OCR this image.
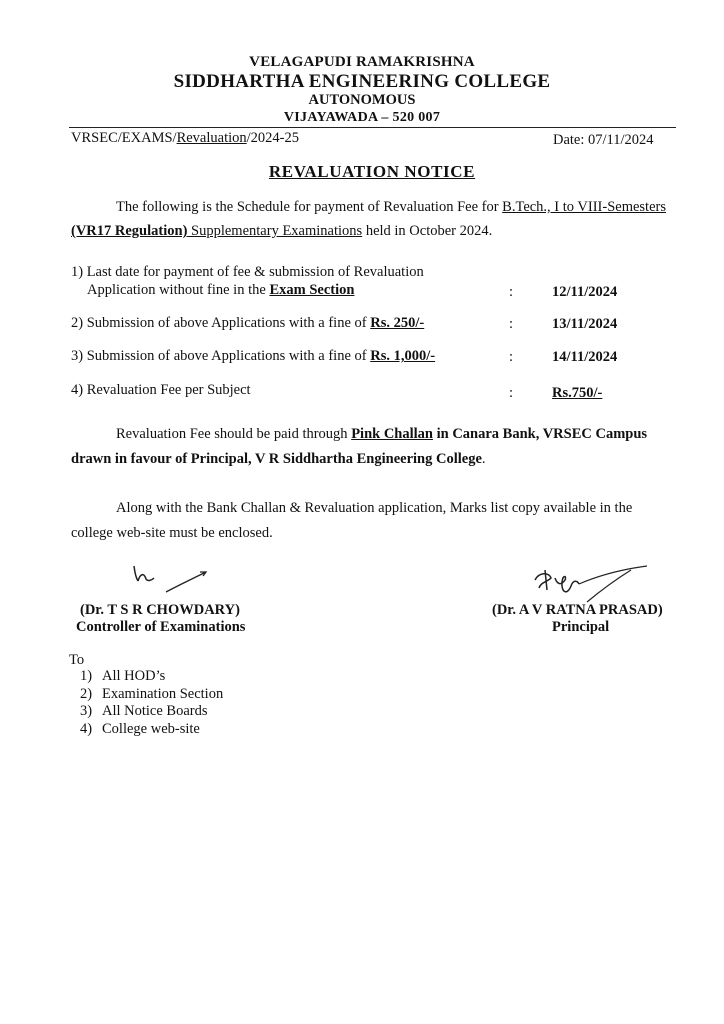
VELAGAPUDI RAMAKRISHNA
SIDDHARTHA ENGINEERING COLLEGE
AUTONOMOUS
VIJAYAWADA – 520 007
VRSEC/EXAMS/Revaluation/2024-25	Date: 07/11/2024
REVALUATION NOTICE
The following is the Schedule for payment of Revaluation Fee for B.Tech., I to VIII-Semesters
(VR17 Regulation) Supplementary Examinations held in October 2024.
1) Last date for payment of fee & submission of Revaluation
Application without fine in the Exam Section	:	12/11/2024
2) Submission of above Applications with a fine of Rs. 250/-	:	13/11/2024
3) Submission of above Applications with a fine of Rs. 1,000/-	:	14/11/2024
4) Revaluation Fee per Subject	:	Rs.750/-
Revaluation Fee should be paid through Pink Challan in Canara Bank, VRSEC Campus
drawn in favour of Principal, V R Siddhartha Engineering College.
Along with the Bank Challan & Revaluation application, Marks list copy available in the
college web-site must be enclosed.
(Dr. T S R CHOWDARY)
Controller of Examinations
(Dr. A V RATNA PRASAD)
Principal
To
1) All HOD’s
2) Examination Section
3) All Notice Boards
4) College web-site
